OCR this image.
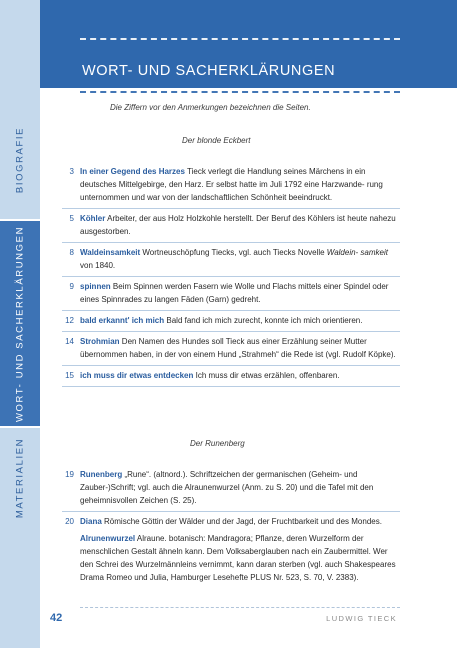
BIOGRAFIE
WORT- UND SACHERKLÄRUNGEN
MATERIALIEN
WORT- UND SACHERKLÄRUNGEN
Die Ziffern vor den Anmerkungen bezeichnen die Seiten.
Der blonde Eckbert
3 In einer Gegend des Harzes Tieck verlegt die Handlung seines Märchens in ein deutsches Mittelgebirge, den Harz. Er selbst hatte im Juli 1792 eine Harzwande- rung unternommen und war von der landschaftlichen Schönheit beeindruckt.
5 Köhler Arbeiter, der aus Holz Holzkohle herstellt. Der Beruf des Köhlers ist heute nahezu ausgestorben.
8 Waldeinsamkeit Wortneuschöpfung Tiecks, vgl. auch Tiecks Novelle Waldein- samkeit von 1840.
9 spinnen Beim Spinnen werden Fasern wie Wolle und Flachs mittels einer Spindel oder eines Spinnrades zu langen Fäden (Garn) gedreht.
12 bald erkannt' ich mich Bald fand ich mich zurecht, konnte ich mich orientieren.
14 Strohmian Den Namen des Hundes soll Tieck aus einer Erzählung seiner Mutter übernommen haben, in der von einem Hund „Strahmeh“ die Rede ist (vgl. Rudolf Köpke).
15 ich muss dir etwas entdecken Ich muss dir etwas erzählen, offenbaren.
Der Runenberg
19 Runenberg „Rune“. (altnord.). Schriftzeichen der germanischen (Geheim- und Zauber-)Schrift; vgl. auch die Alraunenwurzel (Anm. zu S. 20) und die Tafel mit den geheimnisvollen Zeichen (S. 25).
20 Diana Römische Göttin der Wälder und der Jagd, der Fruchtbarkeit und des Mondes.
Alrunenwurzel Alraune. botanisch: Mandragora; Pflanze, deren Wurzelform der menschlichen Gestalt ähneln kann. Dem Volksaberglauben nach ein Zaubermittel. Wer den Schrei des Wurzelmännleins vernimmt, kann daran sterben (vgl. auch Shakespeares Drama Romeo und Julia, Hamburger Lesehefte PLUS Nr. 523, S. 70, V. 2383).
42	LUDWIG TIECK
